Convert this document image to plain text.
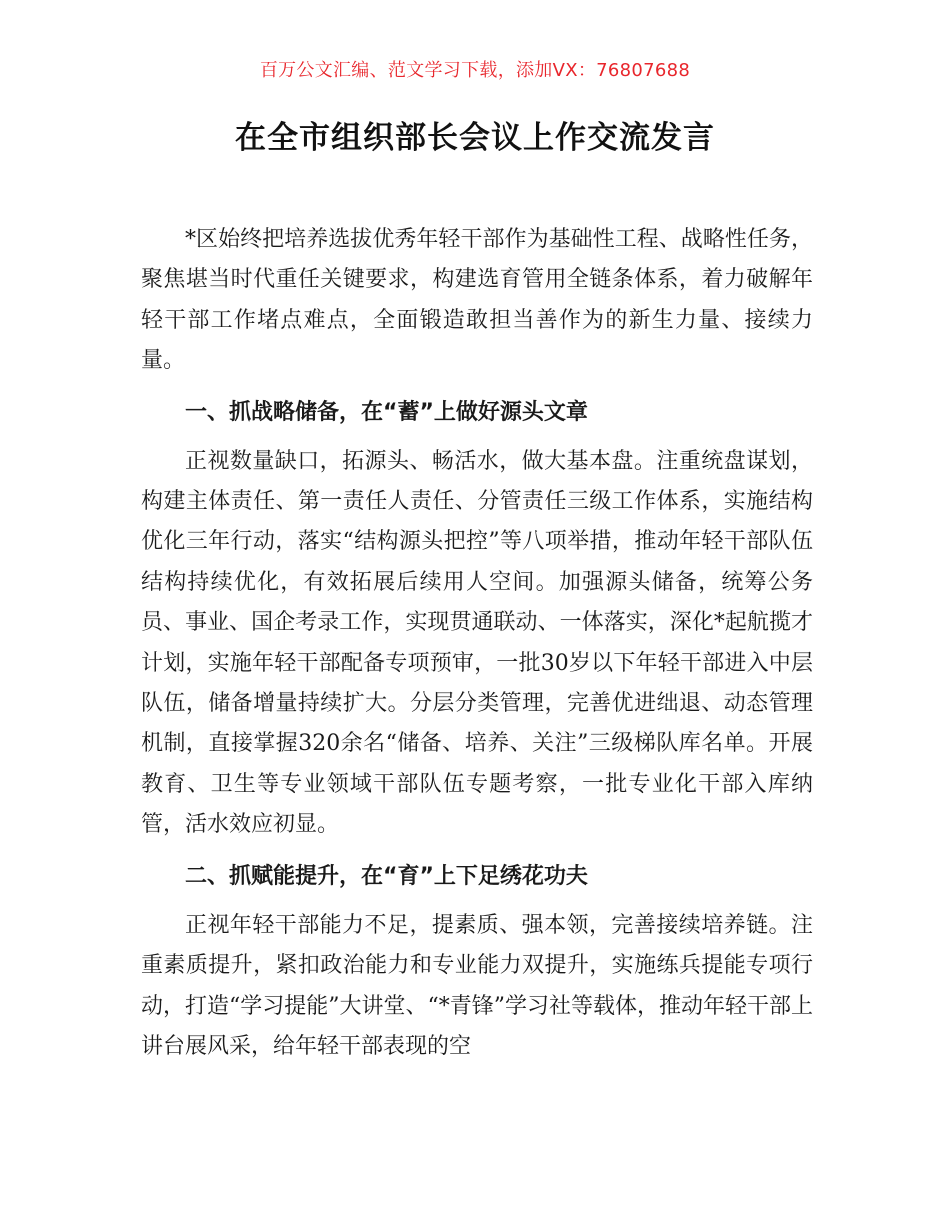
百万公文汇编、范文学习下载，添加VX：76807688
在全市组织部长会议上作交流发言

*区始终把培养选拔优秀年轻干部作为基础性工程、战略性任务，聚焦堪当时代重任关键要求，构建选育管用全链条体系，着力破解年轻干部工作堵点难点，全面锻造敢担当善作为的新生力量、接续力量。

一、抓战略储备，在“蓄”上做好源头文章

正视数量缺口，拓源头、畅活水，做大基本盘。注重统盘谋划，构建主体责任、第一责任人责任、分管责任三级工作体系，实施结构优化三年行动，落实“结构源头把控”等八项举措，推动年轻干部队伍结构持续优化，有效拓展后续用人空间。加强源头储备，统筹公务员、事业、国企考录工作，实现贯通联动、一体落实，深化*起航揽才计划，实施年轻干部配备专项预审，一批30岁以下年轻干部进入中层队伍，储备增量持续扩大。分层分类管理，完善优进绌退、动态管理机制，直接掌握320余名“储备、培养、关注”三级梯队库名单。开展教育、卫生等专业领域干部队伍专题考察，一批专业化干部入库纳管，活水效应初显。

二、抓赋能提升，在“育”上下足绣花功夫

正视年轻干部能力不足，提素质、强本领，完善接续培养链。注重素质提升，紧扣政治能力和专业能力双提升，实施练兵提能专项行动，打造“学习提能”大讲堂、“*青锋”学习社等载体，推动年轻干部上讲台展风采，给年轻干部表现的空
